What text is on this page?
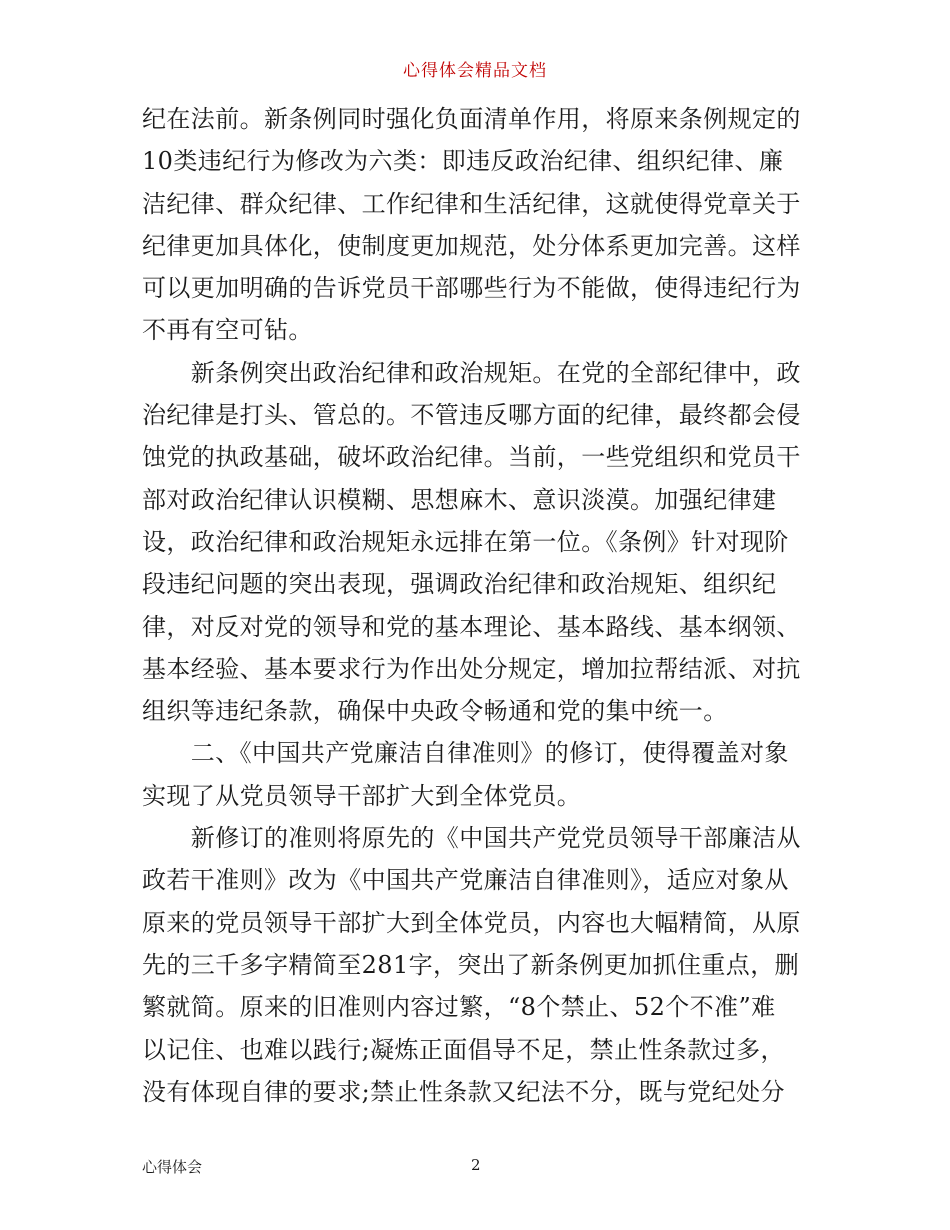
心得体会精品文档
纪在法前。新条例同时强化负面清单作用，将原来条例规定的
10类违纪行为修改为六类：即违反政治纪律、组织纪律、廉
洁纪律、群众纪律、工作纪律和生活纪律，这就使得党章关于
纪律更加具体化，使制度更加规范，处分体系更加完善。这样
可以更加明确的告诉党员干部哪些行为不能做，使得违纪行为
不再有空可钻。
　　新条例突出政治纪律和政治规矩。在党的全部纪律中，政
治纪律是打头、管总的。不管违反哪方面的纪律，最终都会侵
蚀党的执政基础，破坏政治纪律。当前，一些党组织和党员干
部对政治纪律认识模糊、思想麻木、意识淡漠。加强纪律建
设，政治纪律和政治规矩永远排在第一位。《条例》针对现阶
段违纪问题的突出表现，强调政治纪律和政治规矩、组织纪
律，对反对党的领导和党的基本理论、基本路线、基本纲领、
基本经验、基本要求行为作出处分规定，增加拉帮结派、对抗
组织等违纪条款，确保中央政令畅通和党的集中统一。
　　二、《中国共产党廉洁自律准则》的修订，使得覆盖对象
实现了从党员领导干部扩大到全体党员。
　　新修订的准则将原先的《中国共产党党员领导干部廉洁从
政若干准则》改为《中国共产党廉洁自律准则》，适应对象从
原来的党员领导干部扩大到全体党员，内容也大幅精简，从原
先的三千多字精简至281字，突出了新条例更加抓住重点，删
繁就简。原来的旧准则内容过繁，“8个禁止、52个不准”难
以记住、也难以践行;凝炼正面倡导不足，禁止性条款过多，
没有体现自律的要求;禁止性条款又纪法不分，既与党纪处分
心得体会	2
